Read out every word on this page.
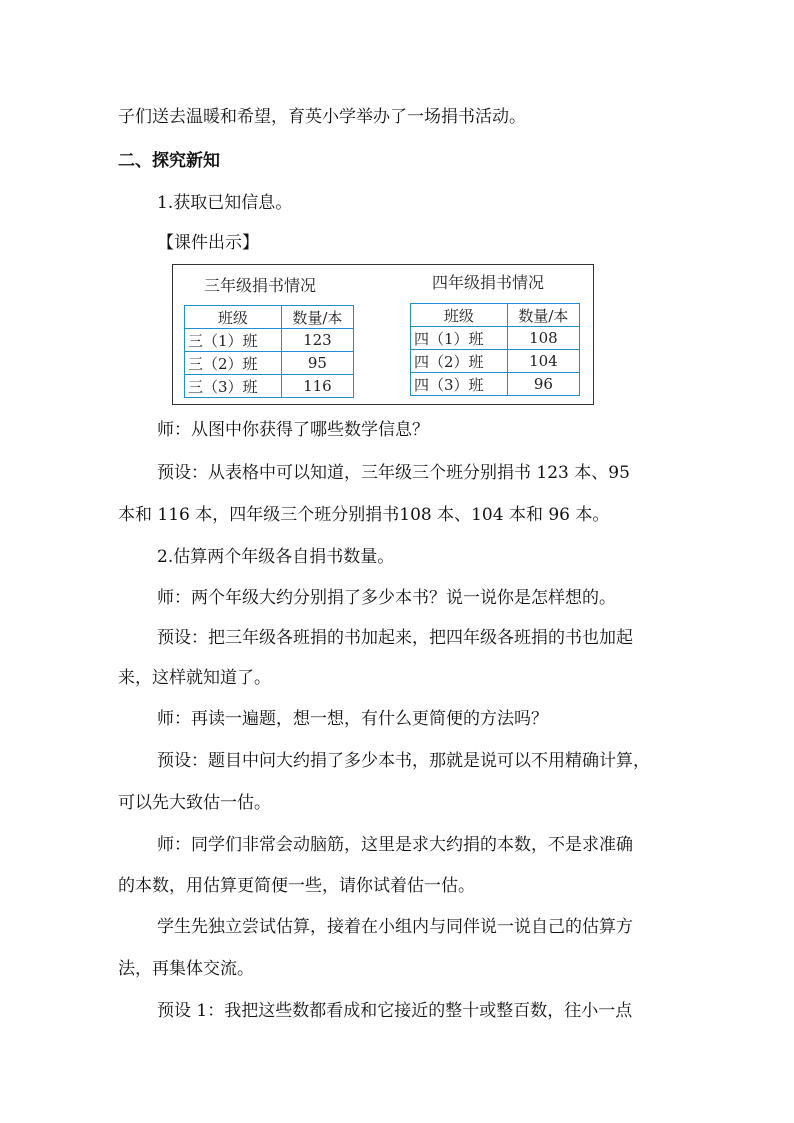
子们送去温暖和希望，育英小学举办了一场捐书活动。
二、探究新知
1.获取已知信息。
【课件出示】
三年级捐书情况
班级	数量/本
三（1）班	123
三（2）班	95
三（3）班	116
四年级捐书情况
班级	数量/本
四（1）班	108
四（2）班	104
四（3）班	96
师：从图中你获得了哪些数学信息？
预设：从表格中可以知道，三年级三个班分别捐书 123 本、95
本和 116 本，四年级三个班分别捐书108 本、104 本和 96 本。
2.估算两个年级各自捐书数量。
师：两个年级大约分别捐了多少本书？说一说你是怎样想的。
预设：把三年级各班捐的书加起来，把四年级各班捐的书也加起
来，这样就知道了。
师：再读一遍题，想一想，有什么更简便的方法吗？
预设：题目中问大约捐了多少本书，那就是说可以不用精确计算，
可以先大致估一估。
师：同学们非常会动脑筋，这里是求大约捐的本数，不是求准确
的本数，用估算更简便一些，请你试着估一估。
学生先独立尝试估算，接着在小组内与同伴说一说自己的估算方
法，再集体交流。
预设 1：我把这些数都看成和它接近的整十或整百数，往小一点
